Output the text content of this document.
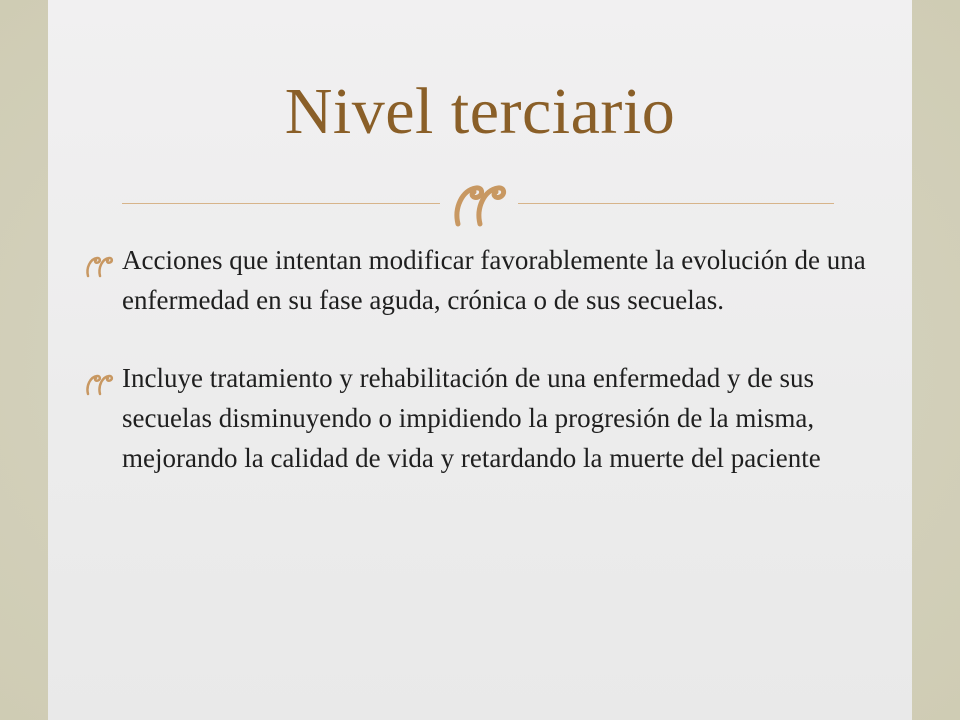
Nivel terciario
Acciones que intentan modificar favorablemente la evolución de una enfermedad en su fase aguda, crónica o de sus secuelas.
Incluye tratamiento y rehabilitación de una enfermedad y de sus secuelas disminuyendo o impidiendo la progresión de la misma, mejorando la calidad de vida y retardando la muerte del paciente
